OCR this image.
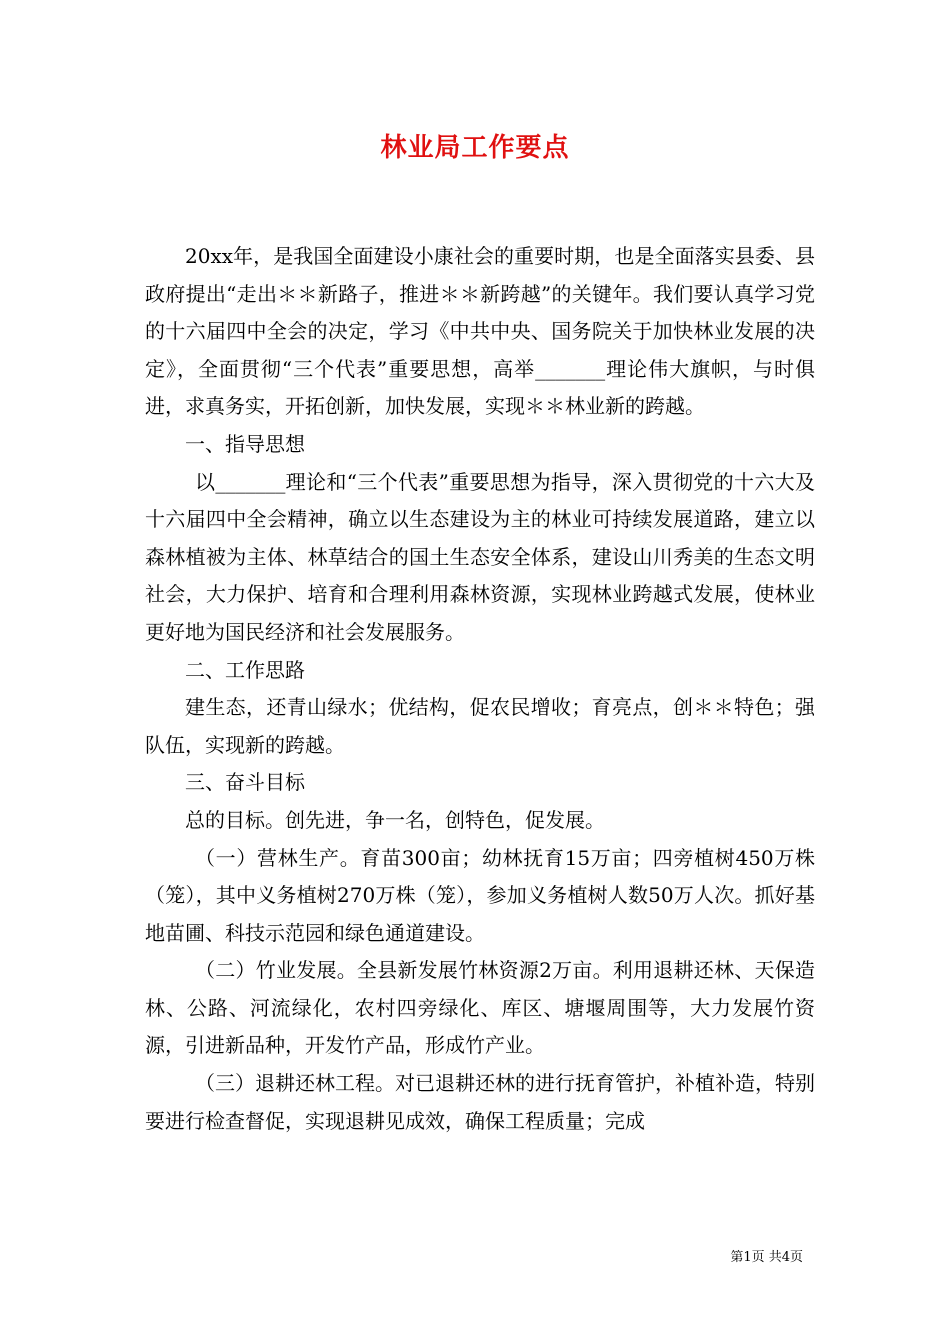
林业局工作要点

20xx年，是我国全面建设小康社会的重要时期，也是全面落实县委、县政府提出“走出＊＊新路子，推进＊＊新跨越”的关键年。我们要认真学习党的十六届四中全会的决定，学习《中共中央、国务院关于加快林业发展的决定》，全面贯彻“三个代表”重要思想，高举_______理论伟大旗帜，与时俱进，求真务实，开拓创新，加快发展，实现＊＊林业新的跨越。

一、指导思想

以_______理论和“三个代表”重要思想为指导，深入贯彻党的十六大及十六届四中全会精神，确立以生态建设为主的林业可持续发展道路，建立以森林植被为主体、林草结合的国土生态安全体系，建设山川秀美的生态文明社会，大力保护、培育和合理利用森林资源，实现林业跨越式发展，使林业更好地为国民经济和社会发展服务。

二、工作思路

建生态，还青山绿水；优结构，促农民增收；育亮点，创＊＊特色；强队伍，实现新的跨越。

三、奋斗目标

总的目标。创先进，争一名，创特色，促发展。

（一）营林生产。育苗300亩；幼林抚育15万亩；四旁植树450万株（笼），其中义务植树270万株（笼），参加义务植树人数50万人次。抓好基地苗圃、科技示范园和绿色通道建设。

（二）竹业发展。全县新发展竹林资源2万亩。利用退耕还林、天保造林、公路、河流绿化，农村四旁绿化、库区、塘堰周围等，大力发展竹资源，引进新品种，开发竹产品，形成竹产业。

（三）退耕还林工程。对已退耕还林的进行抚育管护，补植补造，特别要进行检查督促，实现退耕见成效，确保工程质量；完成

第1页 共4页
